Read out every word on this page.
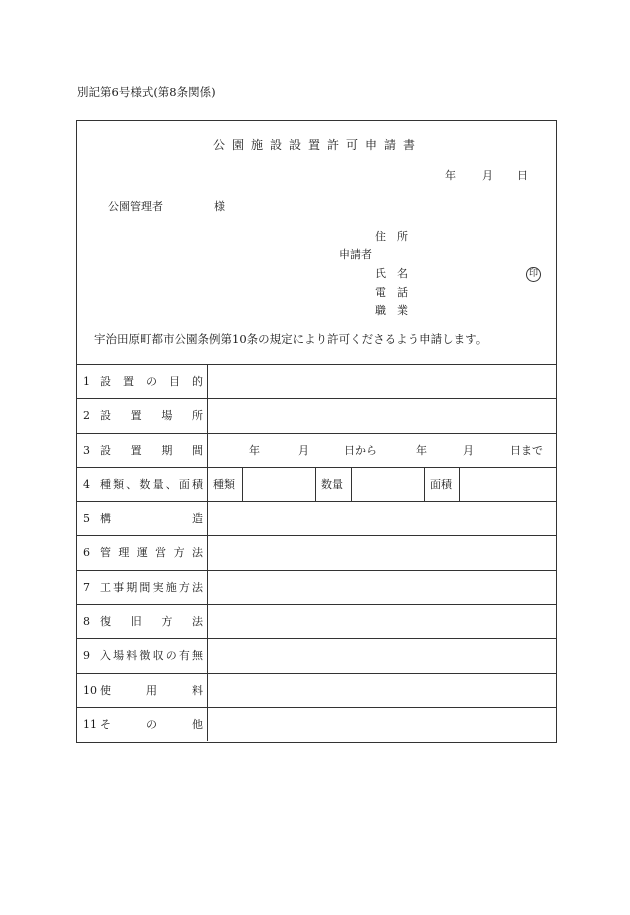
別記第6号様式(第8条関係)
公園施設設置許可申請書
年 月 日
公園管理者	様
住所
申請者
氏名	印
電話
職業
宇治田原町都市公園条例第10条の規定により許可くださるよう申請します。
1 設 置 の 目 的
2 設 置 場 所
3 設 置 期 間	年	月	日から	年	月	日まで
4 種 類 、 数 量 、 面 積 種類	数量	面積
5 構	造
6 管 理 運 営 方 法
7 工 事 期 間 実 施 方 法
8 復 旧 方 法
9 入 場 料 徴 収 の 有 無
10 使	用	料
11 そ	の	他
